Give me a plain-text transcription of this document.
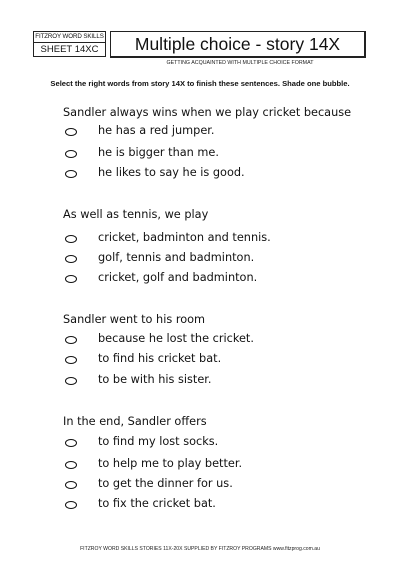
FITZROY WORD SKILLS
SHEET 14XC	Multiple choice - story 14X
GETTING ACQUAINTED WITH MULTIPLE CHOICE FORMAT
Select the right words from story 14X to finish these sentences. Shade one bubble.
Sandler always wins when we play cricket because
he has a red jumper.
he is bigger than me.
he likes to say he is good.
As well as tennis, we play
cricket, badminton and tennis.
golf, tennis and badminton.
cricket, golf and badminton.
Sandler went to his room
because he lost the cricket.
to find his cricket bat.
to be with his sister.
In the end, Sandler offers
to find my lost socks.
to help me to play better.
to get the dinner for us.
to fix the cricket bat.
FITZROY WORD SKILLS STORIES 11X-20X SUPPLIED BY FITZROY PROGRAMS www.fitzprog.com.au
